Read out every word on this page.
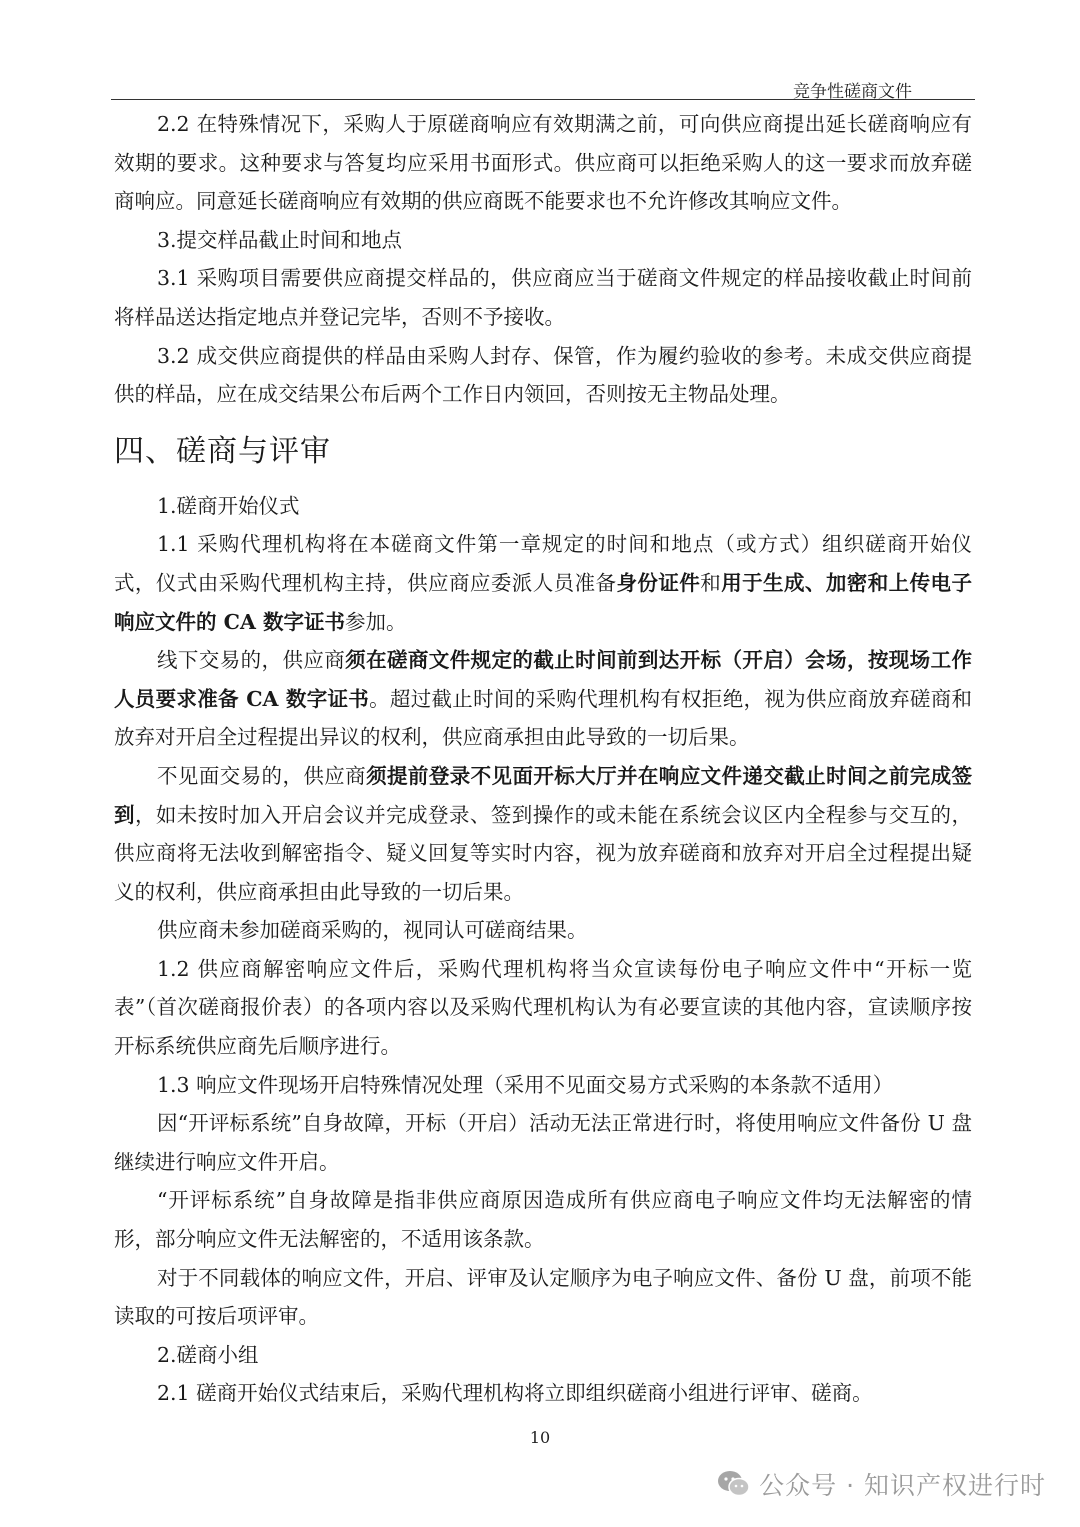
竞争性磋商文件

2.2 在特殊情况下，采购人于原磋商响应有效期满之前，可向供应商提出延长磋商响应有效期的要求。这种要求与答复均应采用书面形式。供应商可以拒绝采购人的这一要求而放弃磋商响应。同意延长磋商响应有效期的供应商既不能要求也不允许修改其响应文件。

3.提交样品截止时间和地点

3.1 采购项目需要供应商提交样品的，供应商应当于磋商文件规定的样品接收截止时间前将样品送达指定地点并登记完毕，否则不予接收。

3.2 成交供应商提供的样品由采购人封存、保管，作为履约验收的参考。未成交供应商提供的样品，应在成交结果公布后两个工作日内领回，否则按无主物品处理。

四、磋商与评审

1.磋商开始仪式

1.1 采购代理机构将在本磋商文件第一章规定的时间和地点（或方式）组织磋商开始仪式，仪式由采购代理机构主持，供应商应委派人员准备身份证件和用于生成、加密和上传电子响应文件的 CA 数字证书参加。

线下交易的，供应商须在磋商文件规定的截止时间前到达开标（开启）会场，按现场工作人员要求准备 CA 数字证书。超过截止时间的采购代理机构有权拒绝，视为供应商放弃磋商和放弃对开启全过程提出异议的权利，供应商承担由此导致的一切后果。

不见面交易的，供应商须提前登录不见面开标大厅并在响应文件递交截止时间之前完成签到，如未按时加入开启会议并完成登录、签到操作的或未能在系统会议区内全程参与交互的，供应商将无法收到解密指令、疑义回复等实时内容，视为放弃磋商和放弃对开启全过程提出疑义的权利，供应商承担由此导致的一切后果。

供应商未参加磋商采购的，视同认可磋商结果。

1.2 供应商解密响应文件后，采购代理机构将当众宣读每份电子响应文件中“开标一览表”（首次磋商报价表）的各项内容以及采购代理机构认为有必要宣读的其他内容，宣读顺序按开标系统供应商先后顺序进行。

1.3 响应文件现场开启特殊情况处理（采用不见面交易方式采购的本条款不适用）

因“开评标系统”自身故障，开标（开启）活动无法正常进行时，将使用响应文件备份 U 盘继续进行响应文件开启。

“开评标系统”自身故障是指非供应商原因造成所有供应商电子响应文件均无法解密的情形，部分响应文件无法解密的，不适用该条款。

对于不同载体的响应文件，开启、评审及认定顺序为电子响应文件、备份 U 盘，前项不能读取的可按后项评审。

2.磋商小组

2.1 磋商开始仪式结束后，采购代理机构将立即组织磋商小组进行评审、磋商。

10
公众号 · 知识产权进行时
